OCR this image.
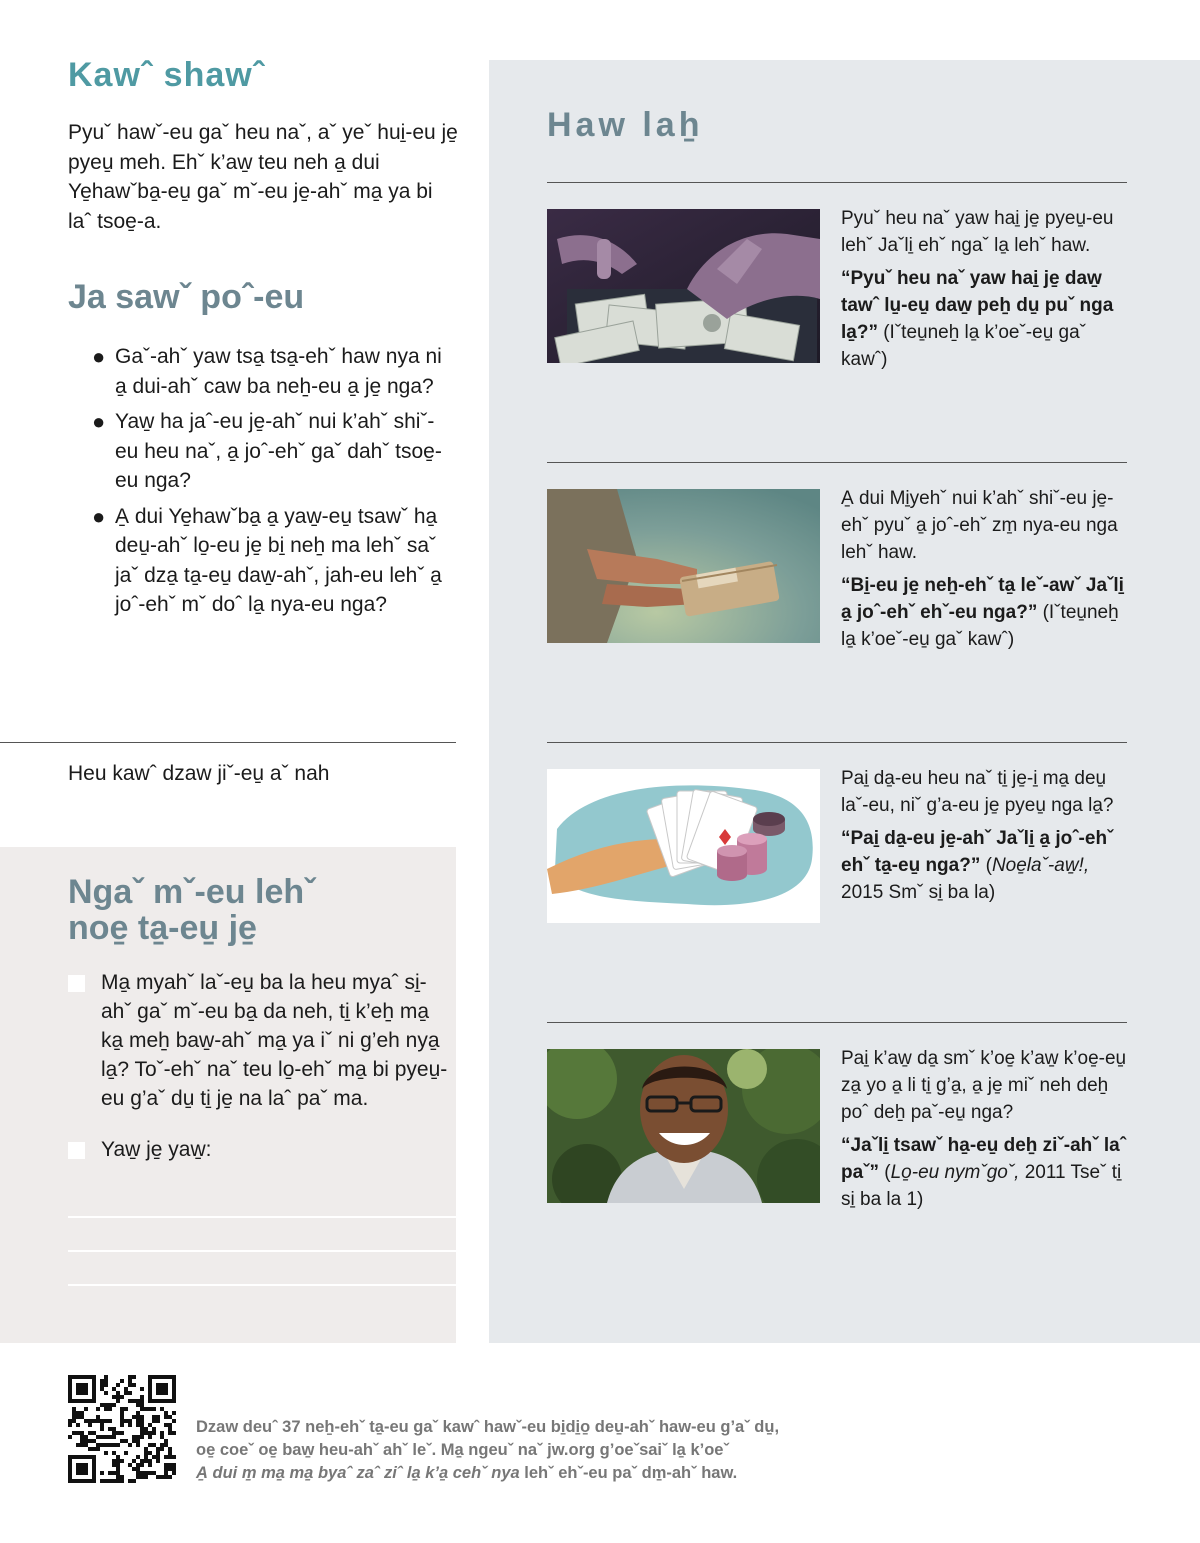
Kawˆ shawˆ

Pyuˇ hawˇ-eu gaˇ heu naˇ, aˇ yeˇ hui̱-eu je̱ pyeu̱ meh. Ehˇ k’aw̱ teu neh a̱ dui Ye̱hawˇba̱-eu̱ gaˇ mˇ-eu je̱-ahˇ ma̱ ya bi laˆ tsoe̱-a.

Ja sawˇ poˆ-eu
● Gaˇ-ahˇ yaw tsa̱ tsa̱-ehˇ haw nya ni a̱ dui-ahˇ caw ba neẖ-eu a̱ je̱ nga?
● Yaw̱ ha jaˆ-eu je̱-ahˇ nui k’ahˇ shiˇ-eu heu naˇ, a̱ joˆ-ehˇ gaˇ dahˇ tsoe̱-eu nga?
● A̱ dui Ye̱hawˇba̱ a̱ yaw̱-eu̱ tsawˇ ha̱ deu̱-ahˇ lo̱-eu je̱ bi̱ neẖ ma lehˇ saˇ jaˇ dza̱ ta̱-eu̱ daw̱-ahˇ, jah-eu lehˇ a̱ joˆ-ehˇ mˇ doˆ la̱ nya-eu nga?

Heu kawˆ dzaw jiˇ-eu̱ aˇ nah

Ngaˇ mˇ-eu lehˇ
noe̱ ta̱-eu̱ je̱
Ma̱ myahˇ laˇ-eu̱ ba la heu myaˆ si̱-ahˇ gaˇ mˇ-eu ba̱ da neh, ti̱ k’eẖ ma̱ ka̱ meẖ baw̱-ahˇ ma̱ ya iˇ ni g’eh nya̱ la̱? Toˇ-ehˇ naˇ teu lo̱-ehˇ ma̱ bi pyeu̱-eu g’aˇ du̱ ti̱ je̱ na laˆ paˇ ma.
Yaw̱ je̱ yaw̱:
Haw laẖ
Pyuˇ heu naˇ yaw hai̱ je̱ pyeu̱-eu lehˇ Jaˇli̱ ehˇ ngaˇ la̱ lehˇ haw.
“Pyuˇ heu naˇ yaw hai̱ je̱ daw̱ tawˆ lu̱-eu̱ daw̱ peẖ du̱ puˇ nga la̱?” (Iˇteu̱neẖ la̱ k’oeˇ-eu̱ gaˇ kawˆ)
A̱ dui Mi̱yehˇ nui k’ahˇ shiˇ-eu je̱-ehˇ pyuˇ a̱ joˆ-ehˇ zm̱ nya-eu nga lehˇ haw.
“Bi̱-eu je̱ neẖ-ehˇ ta̱ leˇ-awˇ Jaˇli̱ a̱ joˆ-ehˇ ehˇ-eu nga?” (Iˇteu̱neẖ la̱ k’oeˇ-eu̱ gaˇ kawˆ)
Pai̱ da̱-eu heu naˇ ti̱ je̱-i̱ ma̱ deu̱ laˇ-eu, niˇ g’a-eu je̱ pyeu̱ nga la̱?
“Pai̱ da̱-eu je̱-ahˇ Jaˇli̱ a̱ joˆ-ehˇ ehˇ ta̱-eu̱ nga?” (Noe̱laˇ-aw̱!, 2015 Smˇ si̱ ba la)
Pai̱ k’aw̱ da̱ smˇ k’oe̱ k’aw̱ k’oe̱-eu̱ za̱ yo a̱ li ti̱ g’a̱, a̱ je̱ miˇ neh deẖ poˆ deẖ paˇ-eu̱ nga?
“Jaˇli̱ tsawˇ ha̱-eu̱ deẖ ziˇ-ahˇ laˆ paˇ” (Lo̱-eu nymˇgoˇ, 2011 Tseˇ ti̱ si̱ ba la 1)
Dzaw deuˆ 37 neẖ-ehˇ ta̱-eu gaˇ kawˆ hawˇ-eu bi̱di̱o̱ deu̱-ahˇ haw-eu g’aˇ du̱,
oe̱ coeˇ oe̱ baw̱ heu-ahˇ ahˇ leˇ. Ma̱ ngeuˇ naˇ jw.org g’oeˇsaiˇ la̱ k’oeˇ
A̱ dui m̱ ma̱ ma̱ byaˆ zaˆ ziˆ la̱ k’a̱ cehˇ nya lehˇ ehˇ-eu paˇ dm̱-ahˇ haw.
